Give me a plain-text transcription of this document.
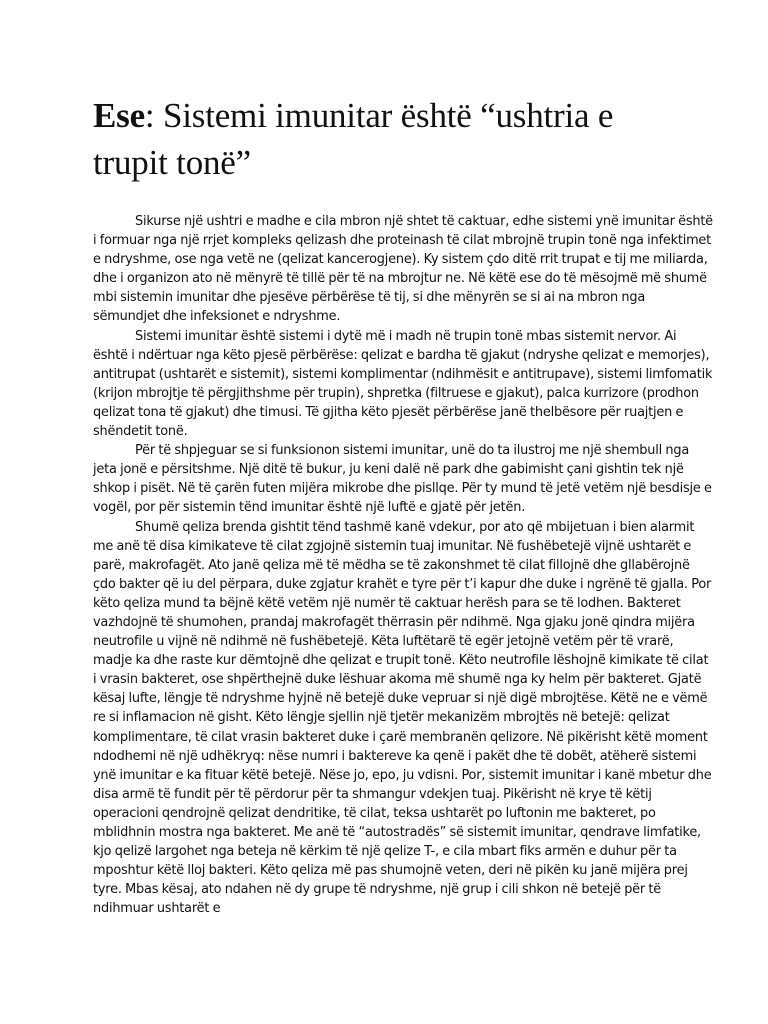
Ese: Sistemi imunitar është “ushtria e trupit tonë”

Sikurse një ushtri e madhe e cila mbron një shtet të caktuar, edhe sistemi ynë imunitar është i formuar nga një rrjet kompleks qelizash dhe proteinash të cilat mbrojnë trupin tonë nga infektimet e ndryshme, ose nga vetë ne (qelizat kancerogjene). Ky sistem çdo ditë rrit trupat e tij me miliarda, dhe i organizon ato në mënyrë të tillë për të na mbrojtur ne. Në këtë ese do të mësojmë më shumë mbi sistemin imunitar dhe pjesëve përbërëse të tij, si dhe mënyrën se si ai na mbron nga sëmundjet dhe infeksionet e ndryshme.

Sistemi imunitar është sistemi i dytë më i madh në trupin tonë mbas sistemit nervor. Ai është i ndërtuar nga këto pjesë përbërëse: qelizat e bardha të gjakut (ndryshe qelizat e memorjes), antitrupat (ushtarët e sistemit), sistemi komplimentar (ndihmësit e antitrupave), sistemi limfomatik (krijon mbrojtje të përgjithshme për trupin), shpretka (filtruese e gjakut), palca kurrizore (prodhon qelizat tona të gjakut) dhe timusi. Të gjitha këto pjesët përbërëse janë thelbësore për ruajtjen e shëndetit tonë.

Për të shpjeguar se si funksionon sistemi imunitar, unë do ta ilustroj me një shembull nga jeta jonë e përsitshme. Një ditë të bukur, ju keni dalë në park dhe gabimisht çani gishtin tek një shkop i pisët. Në të çarën futen mijëra mikrobe dhe pisllqe. Për ty mund të jetë vetëm një besdisje e vogël, por për sistemin tënd imunitar është një luftë e gjatë për jetën.

Shumë qeliza brenda gishtit tënd tashmë kanë vdekur, por ato që mbijetuan i bien alarmit me anë të disa kimikateve të cilat zgjojnë sistemin tuaj imunitar. Në fushëbetejë vijnë ushtarët e parë, makrofagët. Ato janë qeliza më të mëdha se të zakonshmet të cilat fillojnë dhe gllabërojnë çdo bakter që iu del përpara, duke zgjatur krahët e tyre për t’i kapur dhe duke i ngrënë të gjalla. Por këto qeliza mund ta bëjnë këtë vetëm një numër të caktuar herësh para se të lodhen. Bakteret vazhdojnë të shumohen, prandaj makrofagët thërrasin për ndihmë. Nga gjaku jonë qindra mijëra neutrofile u vijnë në ndihmë në fushëbetejë. Këta luftëtarë të egër jetojnë vetëm për të vrarë, madje ka dhe raste kur dëmtojnë dhe qelizat e trupit tonë. Këto neutrofile lëshojnë kimikate të cilat i vrasin bakteret, ose shpërthejnë duke lëshuar akoma më shumë nga ky helm për bakteret. Gjatë kësaj lufte, lëngje të ndryshme hyjnë në betejë duke vepruar si një digë mbrojtëse. Këtë ne e vëmë re si inflamacion në gisht. Këto lëngje sjellin një tjetër mekanizëm mbrojtës në betejë: qelizat komplimentare, të cilat vrasin bakteret duke i çarë membranën qelizore. Në pikërisht këtë moment ndodhemi në një udhëkryq: nëse numri i baktereve ka qenë i pakët dhe të dobët, atëherë sistemi ynë imunitar e ka fituar këtë betejë. Nëse jo, epo, ju vdisni. Por, sistemit imunitar i kanë mbetur dhe disa armë të fundit për të përdorur për ta shmangur vdekjen tuaj. Pikërisht në krye të këtij operacioni qendrojnë qelizat dendritike, të cilat, teksa ushtarët po luftonin me bakteret, po mblidhnin mostra nga bakteret. Me anë të “autostradës” së sistemit imunitar, qendrave limfatike, kjo qelizë largohet nga beteja në kërkim të një qelize T-, e cila mbart fiks armën e duhur për ta mposhtur këtë lloj bakteri. Këto qeliza më pas shumojnë veten, deri në pikën ku janë mijëra prej tyre. Mbas kësaj, ato ndahen në dy grupe të ndryshme, një grup i cili shkon në betejë për të ndihmuar ushtarët e
